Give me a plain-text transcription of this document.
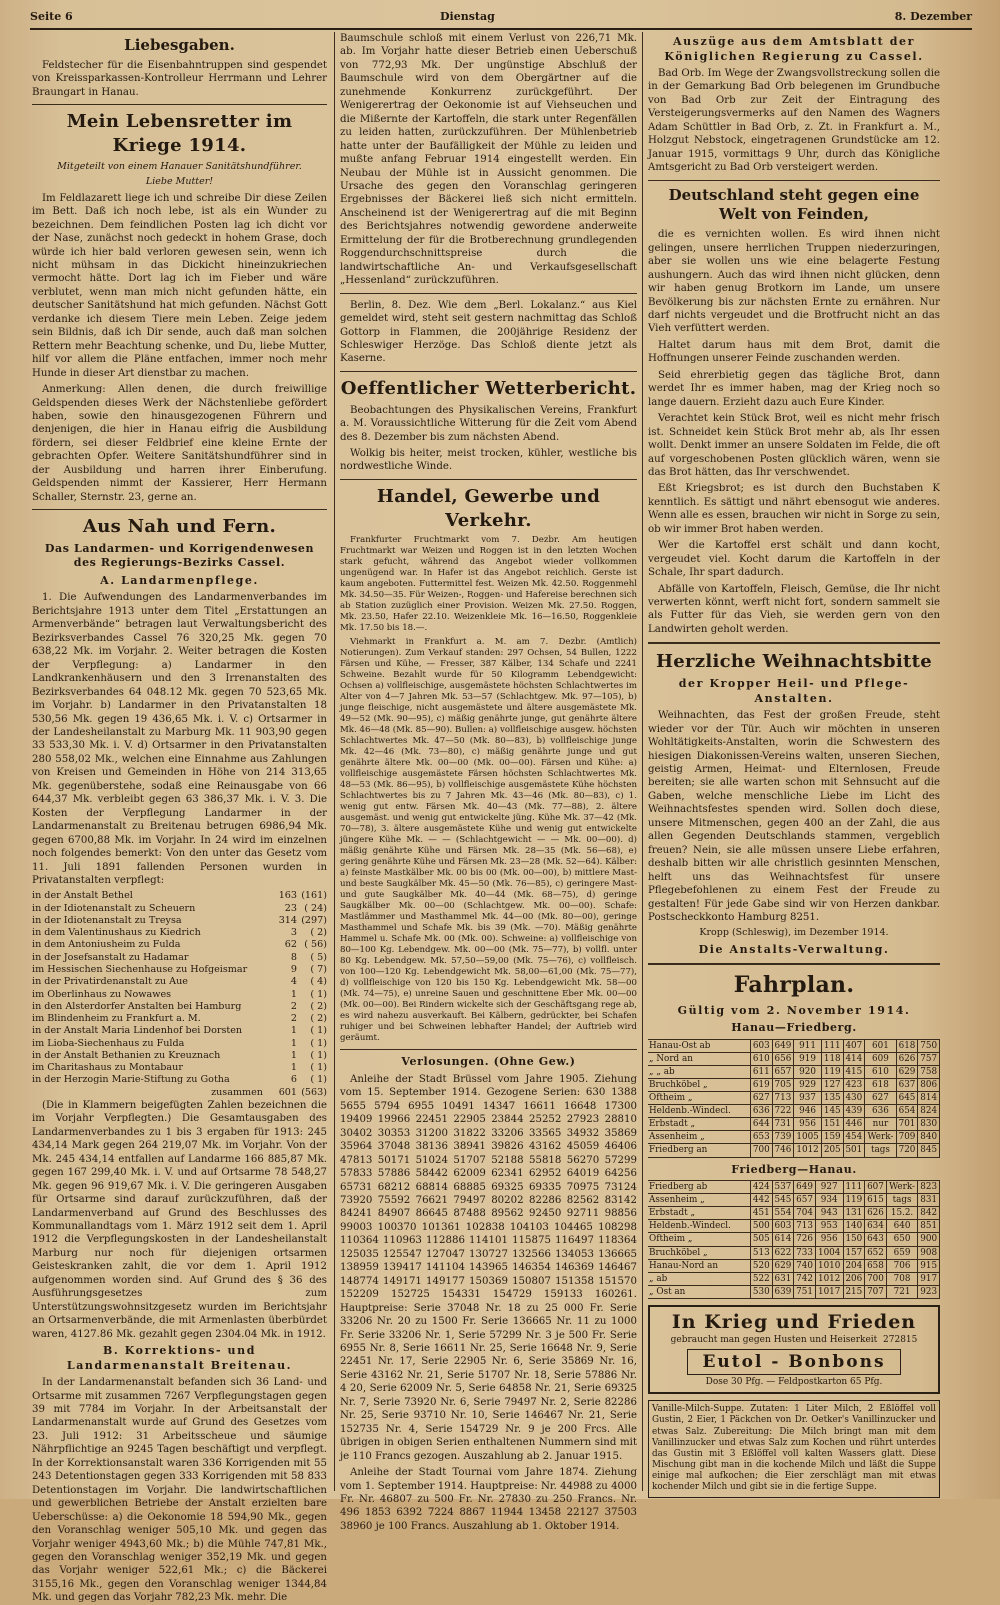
Seite 6	Dienstag	8. Dezember
Liebesgaben.

Feldstecher für die Eisenbahntruppen sind gespendet von Kreissparkassen-Kontrolleur Herrmann und Lehrer Braungart in Hanau.

Mein Lebensretter im Kriege 1914.
Mitgeteilt von einem Hanauer Sanitätshundführer.
Liebe Mutter!

Im Feldlazarett liege ich und schreibe Dir diese Zeilen im Bett. Daß ich noch lebe, ist als ein Wunder zu bezeichnen. Dem feindlichen Posten lag ich dicht vor der Nase, zunächst noch gedeckt in hohem Grase, doch würde ich hier bald verloren gewesen sein, wenn ich nicht mühsam in das Dickicht hineinzukriechen vermocht hätte. Dort lag ich im Fieber und wäre verblutet, wenn man mich nicht gefunden hätte, ein deutscher Sanitätshund hat mich gefunden. Nächst Gott verdanke ich diesem Tiere mein Leben. Zeige jedem sein Bildnis, daß ich Dir sende, auch daß man solchen Rettern mehr Beachtung schenke, und Du, liebe Mutter, hilf vor allem die Pläne entfachen, immer noch mehr Hunde in dieser Art dienstbar zu machen.

Anmerkung: Allen denen, die durch freiwillige Geldspenden dieses Werk der Nächstenliebe gefördert haben, sowie den hinausgezogenen Führern und denjenigen, die hier in Hanau eifrig die Ausbildung fördern, sei dieser Feldbrief eine kleine Ernte der gebrachten Opfer. Weitere Sanitätshundführer sind in der Ausbildung und harren ihrer Einberufung. Geldspenden nimmt der Kassierer, Herr Hermann Schaller, Sternstr. 23, gerne an.

Aus Nah und Fern.
Das Landarmen- und Korrigendenwesen des Regierungs-Bezirks Cassel.
A. Landarmenpflege.

1. Die Aufwendungen des Landarmenverbandes im Berichtsjahre 1913 unter dem Titel „Erstattungen an Armenverbände“ betragen laut Verwaltungsbericht des Bezirksverbandes Cassel 76 320,25 Mk. gegen 70 638,22 Mk. im Vorjahr. 2. Weiter betragen die Kosten der Verpflegung: a) Landarmer in den Landkrankenhäusern und den 3 Irrenanstalten des Bezirksverbandes 64 048.12 Mk. gegen 70 523,65 Mk. im Vorjahr. b) Landarmer in den Privatanstalten 18 530,56 Mk. gegen 19 436,65 Mk. i. V. c) Ortsarmer in der Landesheilanstalt zu Marburg Mk. 11 903,90 gegen 33 533,30 Mk. i. V. d) Ortsarmer in den Privatanstalten 280 558,02 Mk., welchen eine Einnahme aus Zahlungen von Kreisen und Gemeinden in Höhe von 214 313,65 Mk. gegenüberstehe, sodaß eine Reinausgabe von 66 644,37 Mk. verbleibt gegen 63 386,37 Mk. i. V. 3. Die Kosten der Verpflegung Landarmer in der Landarmenanstalt zu Breitenau betrugen 6986,94 Mk. gegen 6700,88 Mk. im Vorjahr. In 24 wird im einzelnen noch folgendes bemerkt: Von den unter das Gesetz vom 11. Juli 1891 fallenden Personen wurden in Privatanstalten verpflegt:

in der Anstalt Bethel	163	(161)
in der Idiotenanstalt zu Scheuern	23	( 24)
in der Idiotenanstalt zu Treysa	314	(297)
in dem Valentinushaus zu Kiedrich	3	( 2)
in dem Antoniusheim zu Fulda	62	( 56)
in der Josefsanstalt zu Hadamar	8	( 5)
im Hessischen Siechenhause zu Hofgeismar	9	( 7)
in der Privatirdenanstalt zu Aue	4	( 4)
im Oberlinhaus zu Nowawes	1	( 1)
in den Alsterdorfer Anstalten bei Hamburg	2	( 2)
im Blindenheim zu Frankfurt a. M.	2	( 2)
in der Anstalt Maria Lindenhof bei Dorsten	1	( 1)
im Lioba-Siechenhaus zu Fulda	1	( 1)
in der Anstalt Bethanien zu Kreuznach	1	( 1)
im Charitashaus zu Montabaur	1	( 1)
in der Herzogin Marie-Stiftung zu Gotha	6	( 1)
zusammen	601	(563)

(Die in Klammern beigefügten Zahlen bezeichnen die im Vorjahr Verpflegten.) Die Gesamtausgaben des Landarmenverbandes zu 1 bis 3 ergaben für 1913: 245 434,14 Mark gegen 264 219,07 Mk. im Vorjahr. Von der Mk. 245 434,14 entfallen auf Landarme 166 885,87 Mk. gegen 167 299,40 Mk. i. V. und auf Ortsarme 78 548,27 Mk. gegen 96 919,67 Mk. i. V. Die geringeren Ausgaben für Ortsarme sind darauf zurückzuführen, daß der Landarmenverband auf Grund des Beschlusses des Kommunallandtags vom 1. März 1912 seit dem 1. April 1912 die Verpflegungskosten in der Landesheilanstalt Marburg nur noch für diejenigen ortsarmen Geisteskranken zahlt, die vor dem 1. April 1912 aufgenommen worden sind. Auf Grund des § 36 des Ausführungsgesetzes zum Unterstützungswohnsitzgesetz wurden im Berichtsjahr an Ortsarmenverbände, die mit Armenlasten überbürdet waren, 4127.86 Mk. gezahlt gegen 2304.04 Mk. in 1912.

B. Korrektions- und Landarmenanstalt Breitenau.

In der Landarmenanstalt befanden sich 36 Land- und Ortsarme mit zusammen 7267 Verpflegungstagen gegen 39 mit 7784 im Vorjahr. In der Arbeitsanstalt der Landarmenanstalt wurde auf Grund des Gesetzes vom 23. Juli 1912: 31 Arbeitsscheue und säumige Nährpflichtige an 9245 Tagen beschäftigt und verpflegt. In der Korrektionsanstalt waren 336 Korrigenden mit 55 243 Detentionstagen gegen 333 Korrigenden mit 58 833 Detentionstagen im Vorjahr. Die landwirtschaftlichen und gewerblichen Betriebe der Anstalt erzielten bare Ueberschüsse: a) die Oekonomie 18 594,90 Mk., gegen den Voranschlag weniger 505,10 Mk. und gegen das Vorjahr weniger 4943,60 Mk.; b) die Mühle 747,81 Mk., gegen den Voranschlag weniger 352,19 Mk. und gegen das Vorjahr weniger 522,61 Mk.; c) die Bäckerei 3155,16 Mk., gegen den Voranschlag weniger 1344,84 Mk. und gegen das Vorjahr 782,23 Mk. mehr. Die

Baumschule schloß mit einem Verlust von 226,71 Mk. ab. Im Vorjahr hatte dieser Betrieb einen Ueberschuß von 772,93 Mk. Der ungünstige Abschluß der Baumschule wird von dem Obergärtner auf die zunehmende Konkurrenz zurückgeführt. Der Wenigerertrag der Oekonomie ist auf Viehseuchen und die Mißernte der Kartoffeln, die stark unter Regenfällen zu leiden hatten, zurückzuführen. Der Mühlenbetrieb hatte unter der Baufälligkeit der Mühle zu leiden und mußte anfang Februar 1914 eingestellt werden. Ein Neubau der Mühle ist in Aussicht genommen. Die Ursache des gegen den Voranschlag geringeren Ergebnisses der Bäckerei ließ sich nicht ermitteln. Anscheinend ist der Wenigerertrag auf die mit Beginn des Berichtsjahres notwendig gewordene anderweite Ermittelung der für die Brotberechnung grundlegenden Roggendurchschnittspreise durch die landwirtschaftliche An- und Verkaufsgesellschaft „Hessenland“ zurückzuführen.

Berlin, 8. Dez. Wie dem „Berl. Lokalanz.“ aus Kiel gemeldet wird, steht seit gestern nachmittag das Schloß Gottorp in Flammen, die 200jährige Residenz der Schleswiger Herzöge. Das Schloß diente jetzt als Kaserne.

Oeffentlicher Wetterbericht.

Beobachtungen des Physikalischen Vereins, Frankfurt a. M. Voraussichtliche Witterung für die Zeit vom Abend des 8. Dezember bis zum nächsten Abend.

Wolkig bis heiter, meist trocken, kühler, westliche bis nordwestliche Winde.

Handel, Gewerbe und Verkehr.

Frankfurter Fruchtmarkt vom 7. Dezbr. Am heutigen Fruchtmarkt war Weizen und Roggen ist in den letzten Wochen stark gefucht, während das Angebot wieder vollkommen ungenügend war. In Hafer ist das Angebot reichlich. Gerste ist kaum angeboten. Futtermittel fest. Weizen Mk. 42.50. Roggenmehl Mk. 34.50—35. Für Weizen-, Roggen- und Hafereise berechnen sich ab Station zuzüglich einer Provision. Weizen Mk. 27.50. Roggen, Mk. 23.50, Hafer 22.10. Weizenkleie Mk. 16—16.50, Roggenkleie Mk. 17.50 bis 18.—.

Viehmarkt in Frankfurt a. M. am 7. Dezbr. (Amtlich) Notierungen). Zum Verkauf standen: 297 Ochsen, 54 Bullen, 1222 Färsen und Kühe, — Fresser, 387 Kälber, 134 Schafe und 2241 Schweine. Bezahlt wurde für 50 Kilogramm Lebendgewicht: Ochsen a) vollfleischige, ausgemästete höchsten Schlachtwertes im Alter von 4—7 Jahren Mk. 53—57 (Schlachtgew. Mk. 97—105), b) junge fleischige, nicht ausgemästete und ältere ausgemästete Mk. 49—52 (Mk. 90—95), c) mäßig genährte junge, gut genährte ältere Mk. 46—48 (Mk. 85—90). Bullen: a) vollfleischige ausgew. höchsten Schlachtwertes Mk. 47—50 (Mk. 80—83), b) vollfleischige junge Mk. 42—46 (Mk. 73—80), c) mäßig genährte junge und gut genährte ältere Mk. 00—00 (Mk. 00—00). Färsen und Kühe: a) vollfleischige ausgemästete Färsen höchsten Schlachtwertes Mk. 48—53 (Mk. 86—95), b) vollfleischige ausgemästete Kühe höchsten Schlachtwertes bis zu 7 Jahren Mk. 43—46 (Mk. 80—83), c) 1. wenig gut entw. Färsen Mk. 40—43 (Mk. 77—88), 2. ältere ausgemäst. und wenig gut entwickelte jüng. Kühe Mk. 37—42 (Mk. 70—78), 3. ältere ausgemästete Kühe und wenig gut entwickelte jüngere Kühe Mk. — — (Schlachtgewicht — — Mk. 00—00). d) mäßig genährte Kühe und Färsen Mk. 28—35 (Mk. 56—68), e) gering genährte Kühe und Färsen Mk. 23—28 (Mk. 52—64). Kälber: a) feinste Mastkälber Mk. 00 bis 00 (Mk. 00—00), b) mittlere Mast- und beste Saugkälber Mk. 45—50 (Mk. 76—85), c) geringere Mast- und gute Saugkälber Mk. 40—44 (Mk. 68—75), d) geringe Saugkälber Mk. 00—00 (Schlachtgew. Mk. 00—00). Schafe: Mastlämmer und Masthammel Mk. 44—00 (Mk. 80—00), geringe Masthammel und Schafe Mk. bis 39 (Mk. —70). Mäßig genährte Hammel u. Schafe Mk. 00 (Mk. 00). Schweine: a) vollfleischige von 80—100 Kg. Lebendgew. Mk. 00—00 (Mk. 75—77), b) vollfl. unter 80 Kg. Lebendgew. Mk. 57,50—59,00 (Mk. 75—76), c) vollfleisch. von 100—120 Kg. Lebendgewicht Mk. 58,00—61,00 (Mk. 75—77), d) vollfleischige von 120 bis 150 Kg. Lebendgewicht Mk. 58—00 (Mk. 74—75), e) unreine Sauen und geschnittene Eber Mk. 00—00 (Mk. 00—00). Bei Rindern wickelte sich der Geschäftsgang rege ab, es wird nahezu ausverkauft. Bei Kälbern, gedrückter, bei Schafen ruhiger und bei Schweinen lebhafter Handel; der Auftrieb wird geräumt.

Verlosungen. (Ohne Gew.)

Anleihe der Stadt Brüssel vom Jahre 1905. Ziehung vom 15. September 1914. Gezogene Serien: 630 1388 5655 5794 6955 10491 14347 16611 16648 17300 19409 19966 22451 22905 23844 25252 27923 28810 30402 30353 31200 31822 33206 33565 34932 35869 35964 37048 38136 38941 39826 43162 45059 46406 47813 50171 51024 51707 52188 55818 56270 57299 57833 57886 58442 62009 62341 62952 64019 64256 65731 68212 68814 68885 69325 69335 70975 73124 73920 75592 76621 79497 80202 82286 82562 83142 84241 84907 86645 87488 89562 92450 92711 98856 99003 100370 101361 102838 104103 104465 108298 110364 110963 112886 114101 115875 116497 118364 125035 125547 127047 130727 132566 134053 136665 138959 139417 141104 143965 146354 146369 146467 148774 149171 149177 150369 150807 151358 151570 152209 152725 154331 154729 159133 160261. Hauptpreise: Serie 37048 Nr. 18 zu 25 000 Fr. Serie 33206 Nr. 20 zu 1500 Fr. Serie 136665 Nr. 11 zu 1000 Fr. Serie 33206 Nr. 1, Serie 57299 Nr. 3 je 500 Fr. Serie 6955 Nr. 8, Serie 16611 Nr. 25, Serie 16648 Nr. 9, Serie 22451 Nr. 17, Serie 22905 Nr. 6, Serie 35869 Nr. 16, Serie 43162 Nr. 21, Serie 51707 Nr. 18, Serie 57886 Nr. 4 20, Serie 62009 Nr. 5, Serie 64858 Nr. 21, Serie 69325 Nr. 7, Serie 73920 Nr. 6, Serie 79497 Nr. 2, Serie 82286 Nr. 25, Serie 93710 Nr. 10, Serie 146467 Nr. 21, Serie 152735 Nr. 4, Serie 154729 Nr. 9 je 200 Frcs. Alle übrigen in obigen Serien enthaltenen Nummern sind mit je 110 Francs gezogen. Auszahlung ab 2. Januar 1915.

Anleihe der Stadt Tournai vom Jahre 1874. Ziehung vom 1. September 1914. Hauptpreise: Nr. 44988 zu 4000 Fr. Nr. 46807 zu 500 Fr. Nr. 27830 zu 250 Francs. Nr. 496 1853 6392 7224 8867 11944 13458 22127 37503 38960 je 100 Francs. Auszahlung ab 1. Oktober 1914.

Auszüge aus dem Amtsblatt der Königlichen Regierung zu Cassel.

Bad Orb. Im Wege der Zwangsvollstreckung sollen die in der Gemarkung Bad Orb belegenen im Grundbuche von Bad Orb zur Zeit der Eintragung des Versteigerungsvermerks auf den Namen des Wagners Adam Schüttler in Bad Orb, z. Zt. in Frankfurt a. M., Holzgut Nebstock, eingetragenen Grundstücke am 12. Januar 1915, vormittags 9 Uhr, durch das Königliche Amtsgericht zu Bad Orb versteigert werden.

Deutschland steht gegen eine Welt von Feinden,

die es vernichten wollen. Es wird ihnen nicht gelingen, unsere herrlichen Truppen niederzuringen, aber sie wollen uns wie eine belagerte Festung aushungern. Auch das wird ihnen nicht glücken, denn wir haben genug Brotkorn im Lande, um unsere Bevölkerung bis zur nächsten Ernte zu ernähren. Nur darf nichts vergeudet und die Brotfrucht nicht an das Vieh verfüttert werden.

Haltet darum haus mit dem Brot, damit die Hoffnungen unserer Feinde zuschanden werden.

Seid ehrerbietig gegen das tägliche Brot, dann werdet Ihr es immer haben, mag der Krieg noch so lange dauern. Erzieht dazu auch Eure Kinder.

Verachtet kein Stück Brot, weil es nicht mehr frisch ist. Schneidet kein Stück Brot mehr ab, als Ihr essen wollt. Denkt immer an unsere Soldaten im Felde, die oft auf vorgeschobenen Posten glücklich wären, wenn sie das Brot hätten, das Ihr verschwendet.

Eßt Kriegsbrot; es ist durch den Buchstaben K kenntlich. Es sättigt und nährt ebensogut wie anderes. Wenn alle es essen, brauchen wir nicht in Sorge zu sein, ob wir immer Brot haben werden.

Wer die Kartoffel erst schält und dann kocht, vergeudet viel. Kocht darum die Kartoffeln in der Schale, Ihr spart dadurch.

Abfälle von Kartoffeln, Fleisch, Gemüse, die Ihr nicht verwerten könnt, werft nicht fort, sondern sammelt sie als Futter für das Vieh, sie werden gern von den Landwirten geholt werden.

Herzliche Weihnachtsbitte
der Kropper Heil- und Pflege-Anstalten.

Weihnachten, das Fest der großen Freude, steht wieder vor der Tür. Auch wir möchten in unseren Wohltätigkeits-Anstalten, worin die Schwestern des hiesigen Diakonissen-Vereins walten, unseren Siechen, geistig Armen, Heimat- und Elternlosen, Freude bereiten; sie alle warten schon mit Sehnsucht auf die Gaben, welche menschliche Liebe im Licht des Weihnachtsfestes spenden wird. Sollen doch diese, unsere Mitmenschen, gegen 400 an der Zahl, die aus allen Gegenden Deutschlands stammen, vergeblich freuen? Nein, sie alle müssen unsere Liebe erfahren, deshalb bitten wir alle christlich gesinnten Menschen, helft uns das Weihnachtsfest für unsere Pflegebefohlenen zu einem Fest der Freude zu gestalten! Für jede Gabe sind wir von Herzen dankbar. Postscheckkonto Hamburg 8251.

Kropp (Schleswig), im Dezember 1914.
Die Anstalts-Verwaltung.
Fahrplan.
Gültig vom 2. November 1914.
Hanau—Friedberg.
Hanau-Ost ab	603	649	911	111	407	601	618	750
„ Nord an	610	656	919	118	414	609	626	757
„ „ ab	611	657	920	119	415	610	629	758
Bruchköbel „	619	705	929	127	423	618	637	806
Oftheim „	627	713	937	135	430	627	645	814
Heldenb.-Windecl.	636	722	946	145	439	636	654	824
Erbstadt „	644	731	956	151	446	nur	701	830
Assenheim „	653	739	1005	159	454	Werk-	709	840
Friedberg an	700	746	1012	205	501	tags	720	845
Friedberg—Hanau.
Friedberg ab	424	537	649	927	111	607	Werk-	823
Assenheim „	442	545	657	934	119	615	tags	831
Erbstadt „	451	554	704	943	131	626	15.2.	842
Heldenb.-Windecl.	500	603	713	953	140	634	640	851
Oftheim „	505	614	726	956	150	643	650	900
Bruchköbel „	513	622	733	1004	157	652	659	908
Hanau-Nord an	520	629	740	1010	204	658	706	915
„ ab	522	631	742	1012	206	700	708	917
„ Ost an	530	639	751	1017	215	707	721	923
In Krieg und Frieden
gebraucht man gegen Husten und Heiserkeit 272815
Eutol - Bonbons
Dose 30 Pfg. — Feldpostkarton 65 Pfg.
Vanille-Milch-Suppe. Zutaten: 1 Liter Milch, 2 Eßlöffel voll Gustin, 2 Eier, 1 Päckchen von Dr. Oetker's Vanillinzucker und etwas Salz. Zubereitung: Die Milch bringt man mit dem Vanillinzucker und etwas Salz zum Kochen und rührt unterdes das Gustin mit 3 Eßlöffel voll kalten Wassers glatt. Diese Mischung gibt man in die kochende Milch und läßt die Suppe einige mal aufkochen; die Eier zerschlägt man mit etwas kochender Milch und gibt sie in die fertige Suppe.
